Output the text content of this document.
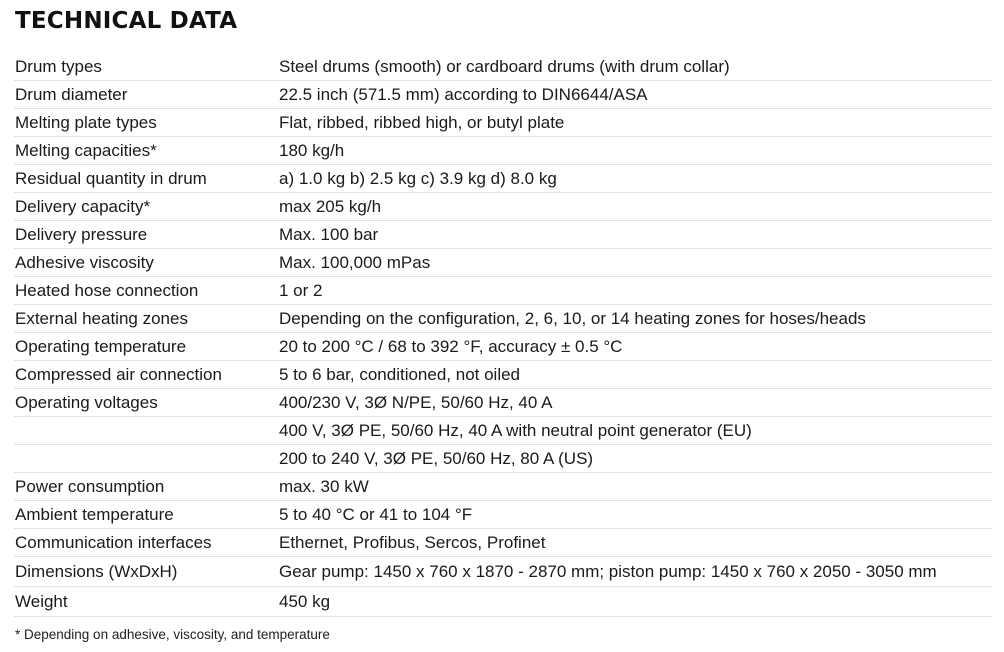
TECHNICAL DATA
Drum types	Steel drums (smooth) or cardboard drums (with drum collar)
Drum diameter	22.5 inch (571.5 mm) according to DIN6644/ASA
Melting plate types	Flat, ribbed, ribbed high, or butyl plate
Melting capacities*	180 kg/h
Residual quantity in drum	a) 1.0 kg b) 2.5 kg c) 3.9 kg d) 8.0 kg
Delivery capacity*	max 205 kg/h
Delivery pressure	Max. 100 bar
Adhesive viscosity	Max. 100,000 mPas
Heated hose connection	1 or 2
External heating zones	Depending on the configuration, 2, 6, 10, or 14 heating zones for hoses/heads
Operating temperature	20 to 200 °C / 68 to 392 °F, accuracy ± 0.5 °C
Compressed air connection	5 to 6 bar, conditioned, not oiled
Operating voltages	400/230 V, 3Ø N/PE, 50/60 Hz, 40 A
400 V, 3Ø PE, 50/60 Hz, 40 A with neutral point generator (EU)
200 to 240 V, 3Ø PE, 50/60 Hz, 80 A (US)
Power consumption	max. 30 kW
Ambient temperature	5 to 40 °C or 41 to 104 °F
Communication interfaces	Ethernet, Profibus, Sercos, Profinet
Dimensions (WxDxH)	Gear pump: 1450 x 760 x 1870 - 2870 mm; piston pump: 1450 x 760 x 2050 - 3050 mm
Weight	450 kg
* Depending on adhesive, viscosity, and temperature
